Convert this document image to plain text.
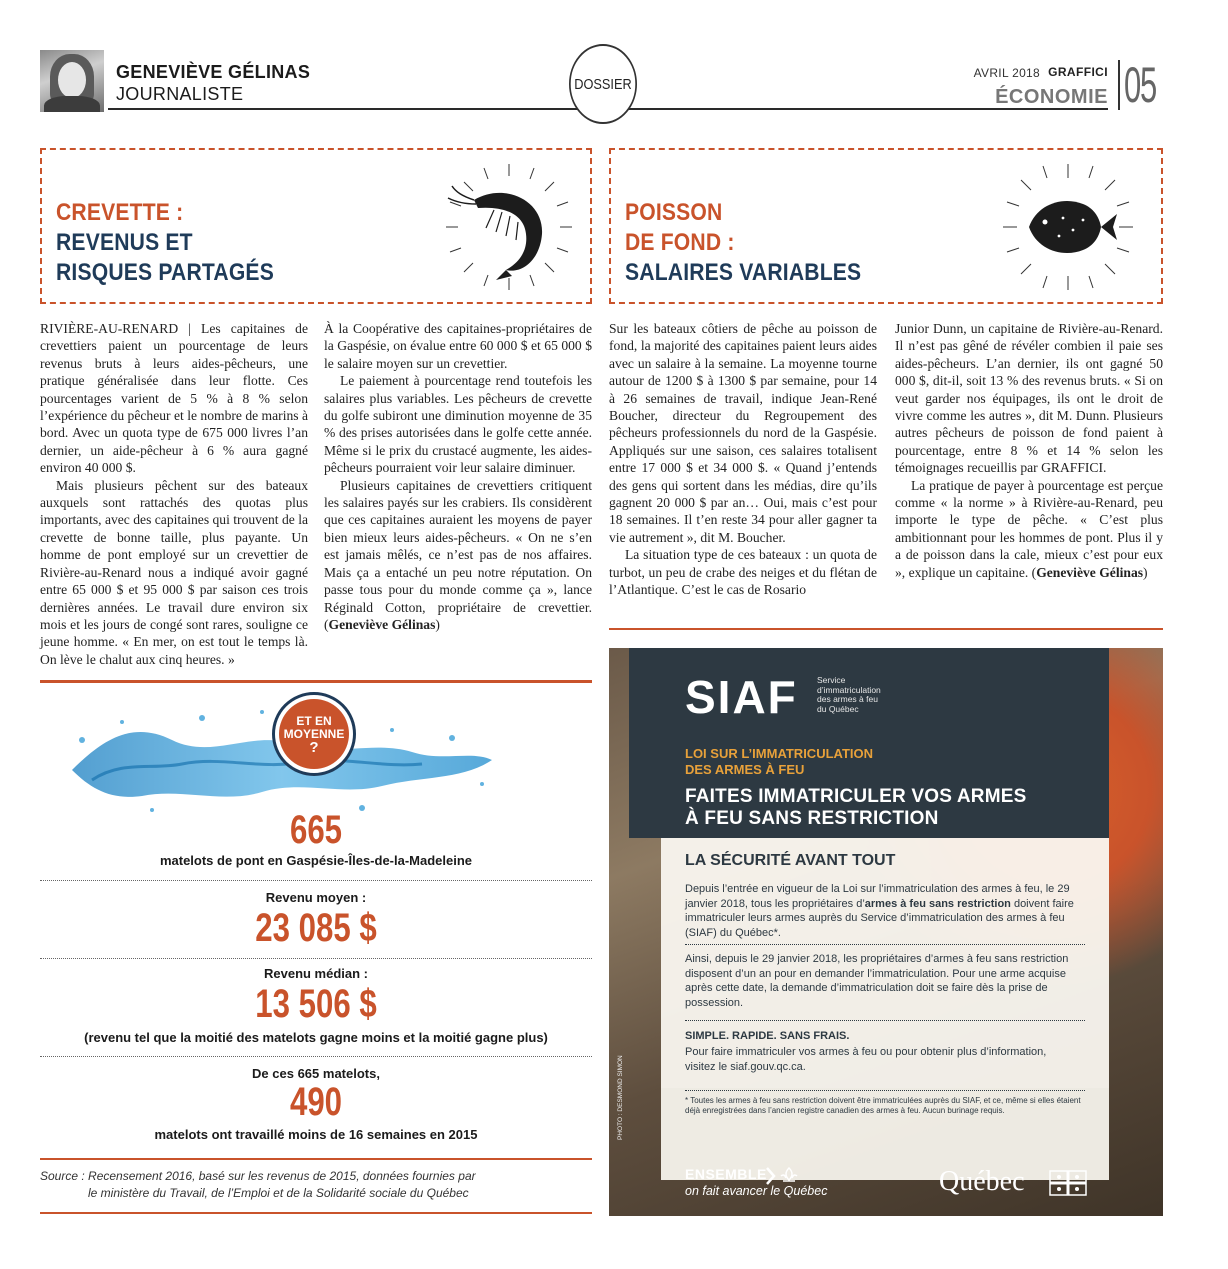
GENEVIÈVE GÉLINAS
JOURNALISTE	DOSSIER
AVRIL 2018 GRAFFICI
ÉCONOMIE 05
CREVETTE :
REVENUS ET
RISQUES PARTAGÉS
POISSON
DE FOND :
SALAIRES VARIABLES

RIVIÈRE-AU-RENARD | Les capitaines de crevettiers paient un pourcentage de leurs revenus bruts à leurs aides-pêcheurs, une pratique généralisée dans leur flotte. Ces pourcentages varient de 5 % à 8 % selon l’expérience du pêcheur et le nombre de marins à bord. Avec un quota type de 675 000 livres l’an dernier, un aide-pêcheur à 6 % aura gagné environ 40 000 $.

Mais plusieurs pêchent sur des bateaux auxquels sont rattachés des quotas plus importants, avec des capitaines qui trouvent de la crevette de bonne taille, plus payante. Un homme de pont employé sur un crevettier de Rivière-au-Renard nous a indiqué avoir gagné entre 65 000 $ et 95 000 $ par saison ces trois dernières années. Le travail dure environ six mois et les jours de congé sont rares, souligne ce jeune homme. « En mer, on est tout le temps là. On lève le chalut aux cinq heures. »

À la Coopérative des capitaines-propriétaires de la Gaspésie, on évalue entre 60 000 $ et 65 000 $ le salaire moyen sur un crevettier.

Le paiement à pourcentage rend toutefois les salaires plus variables. Les pêcheurs de crevette du golfe subiront une diminution moyenne de 35 % des prises autorisées dans le golfe cette année. Même si le prix du crustacé augmente, les aides-pêcheurs pourraient voir leur salaire diminuer.

Plusieurs capitaines de crevettiers critiquent les salaires payés sur les crabiers. Ils considèrent que ces capitaines auraient les moyens de payer bien mieux leurs aides-pêcheurs. « On ne s’en est jamais mêlés, ce n’est pas de nos affaires. Mais ça a entaché un peu notre réputation. On passe tous pour du monde comme ça », lance Réginald Cotton, propriétaire de crevettier. (Geneviève Gélinas)

Sur les bateaux côtiers de pêche au poisson de fond, la majorité des capitaines paient leurs aides avec un salaire à la semaine. La moyenne tourne autour de 1200 $ à 1300 $ par semaine, pour 14 à 26 semaines de travail, indique Jean-René Boucher, directeur du Regroupement des pêcheurs professionnels du nord de la Gaspésie. Appliqués sur une saison, ces salaires totalisent entre 17 000 $ et 34 000 $. « Quand j’entends des gens qui sortent dans les médias, dire qu’ils gagnent 20 000 $ par an… Oui, mais c’est pour 18 semaines. Il t’en reste 34 pour aller gagner ta vie autrement », dit M. Boucher.

La situation type de ces bateaux : un quota de turbot, un peu de crabe des neiges et du flétan de l’Atlantique. C’est le cas de Rosario

Junior Dunn, un capitaine de Rivière-au-Renard. Il n’est pas gêné de révéler combien il paie ses aides-pêcheurs. L’an dernier, ils ont gagné 50 000 $, dit-il, soit 13 % des revenus bruts. « Si on veut garder nos équipages, ils ont le droit de vivre comme les autres », dit M. Dunn. Plusieurs autres pêcheurs de poisson de fond paient à pourcentage, entre 8 % et 14 % selon les témoignages recueillis par GRAFFICI.

La pratique de payer à pourcentage est perçue comme « la norme » à Rivière-au-Renard, peu importe le type de pêche. « C’est plus ambitionnant pour les hommes de pont. Plus il y a de poisson dans la cale, mieux c’est pour eux », explique un capitaine. (Geneviève Gélinas)

ET EN
MOYENNE
?
665
matelots de pont en Gaspésie-Îles-de-la-Madeleine
Revenu moyen :
23 085 $
Revenu médian :
13 506 $
(revenu tel que la moitié des matelots gagne moins et la moitié gagne plus)
De ces 665 matelots,
490
matelots ont travaillé moins de 16 semaines en 2015
Source : Recensement 2016, basé sur les revenus de 2015, données fournies par
le ministère du Travail, de l’Emploi et de la Solidarité sociale du Québec
SIAF Service
d’immatriculation
des armes à feu
du Québec
LOI SUR L’IMMATRICULATION
DES ARMES À FEU
FAITES IMMATRICULER VOS ARMES
À FEU SANS RESTRICTION
LA SÉCURITÉ AVANT TOUT
Depuis l’entrée en vigueur de la Loi sur l’immatriculation des armes à feu, le 29 janvier 2018, tous les propriétaires d’armes à feu sans restriction doivent faire immatriculer leurs armes auprès du Service d’immatriculation des armes à feu (SIAF) du Québec*.
Ainsi, depuis le 29 janvier 2018, les propriétaires d’armes à feu sans restriction disposent d’un an pour en demander l’immatriculation. Pour une arme acquise après cette date, la demande d’immatriculation doit se faire dès la prise de possession.
SIMPLE. RAPIDE. SANS FRAIS.
Pour faire immatriculer vos armes à feu ou pour obtenir plus d’information, visitez le siaf.gouv.qc.ca.
* Toutes les armes à feu sans restriction doivent être immatriculées auprès du SIAF, et ce, même si elles étaient déjà enregistrées dans l’ancien registre canadien des armes à feu. Aucun burinage requis.
PHOTO : DESMOND SIMON
ENSEMBLE
on fait avancer le Québec	Québec
